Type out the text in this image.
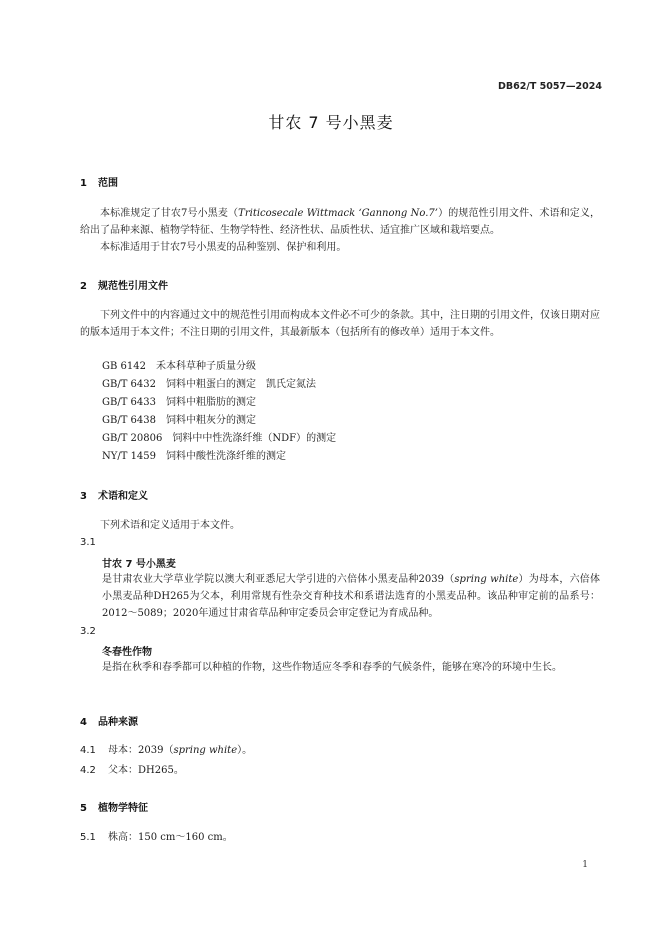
DB62/T 5057—2024
甘农 7 号小黑麦
1 范围
本标准规定了甘农7号小黑麦（Triticosecale Wittmack ‘Gannong No.7’）的规范性引用文件、术语和定义，给出了品种来源、植物学特征、生物学特性、经济性状、品质性状、适宜推广区域和栽培要点。
本标准适用于甘农7号小黑麦的品种鉴别、保护和利用。
2 规范性引用文件
下列文件中的内容通过文中的规范性引用而构成本文件必不可少的条款。其中，注日期的引用文件，仅该日期对应的版本适用于本文件；不注日期的引用文件，其最新版本（包括所有的修改单）适用于本文件。
GB 6142 禾本科草种子质量分级
GB/T 6432 饲料中粗蛋白的测定　凯氏定氮法
GB/T 6433 饲料中粗脂肪的测定
GB/T 6438 饲料中粗灰分的测定
GB/T 20806 饲料中中性洗涤纤维（NDF）的测定
NY/T 1459 饲料中酸性洗涤纤维的测定
3 术语和定义
下列术语和定义适用于本文件。
3.1
甘农 7 号小黑麦
是甘肃农业大学草业学院以澳大利亚悉尼大学引进的六倍体小黑麦品种2039（spring white）为母本，六倍体小黑麦品种DH265为父本，利用常规有性杂交育种技术和系谱法选育的小黑麦品种。该品种审定前的品系号：2012～5089；2020年通过甘肃省草品种审定委员会审定登记为育成品种。
3.2
冬春性作物
是指在秋季和春季都可以种植的作物，这些作物适应冬季和春季的气候条件，能够在寒冷的环境中生长。
4 品种来源
4.1 母本：2039（spring white）。
4.2 父本：DH265。
5 植物学特征
5.1 株高：150 cm～160 cm。
1
